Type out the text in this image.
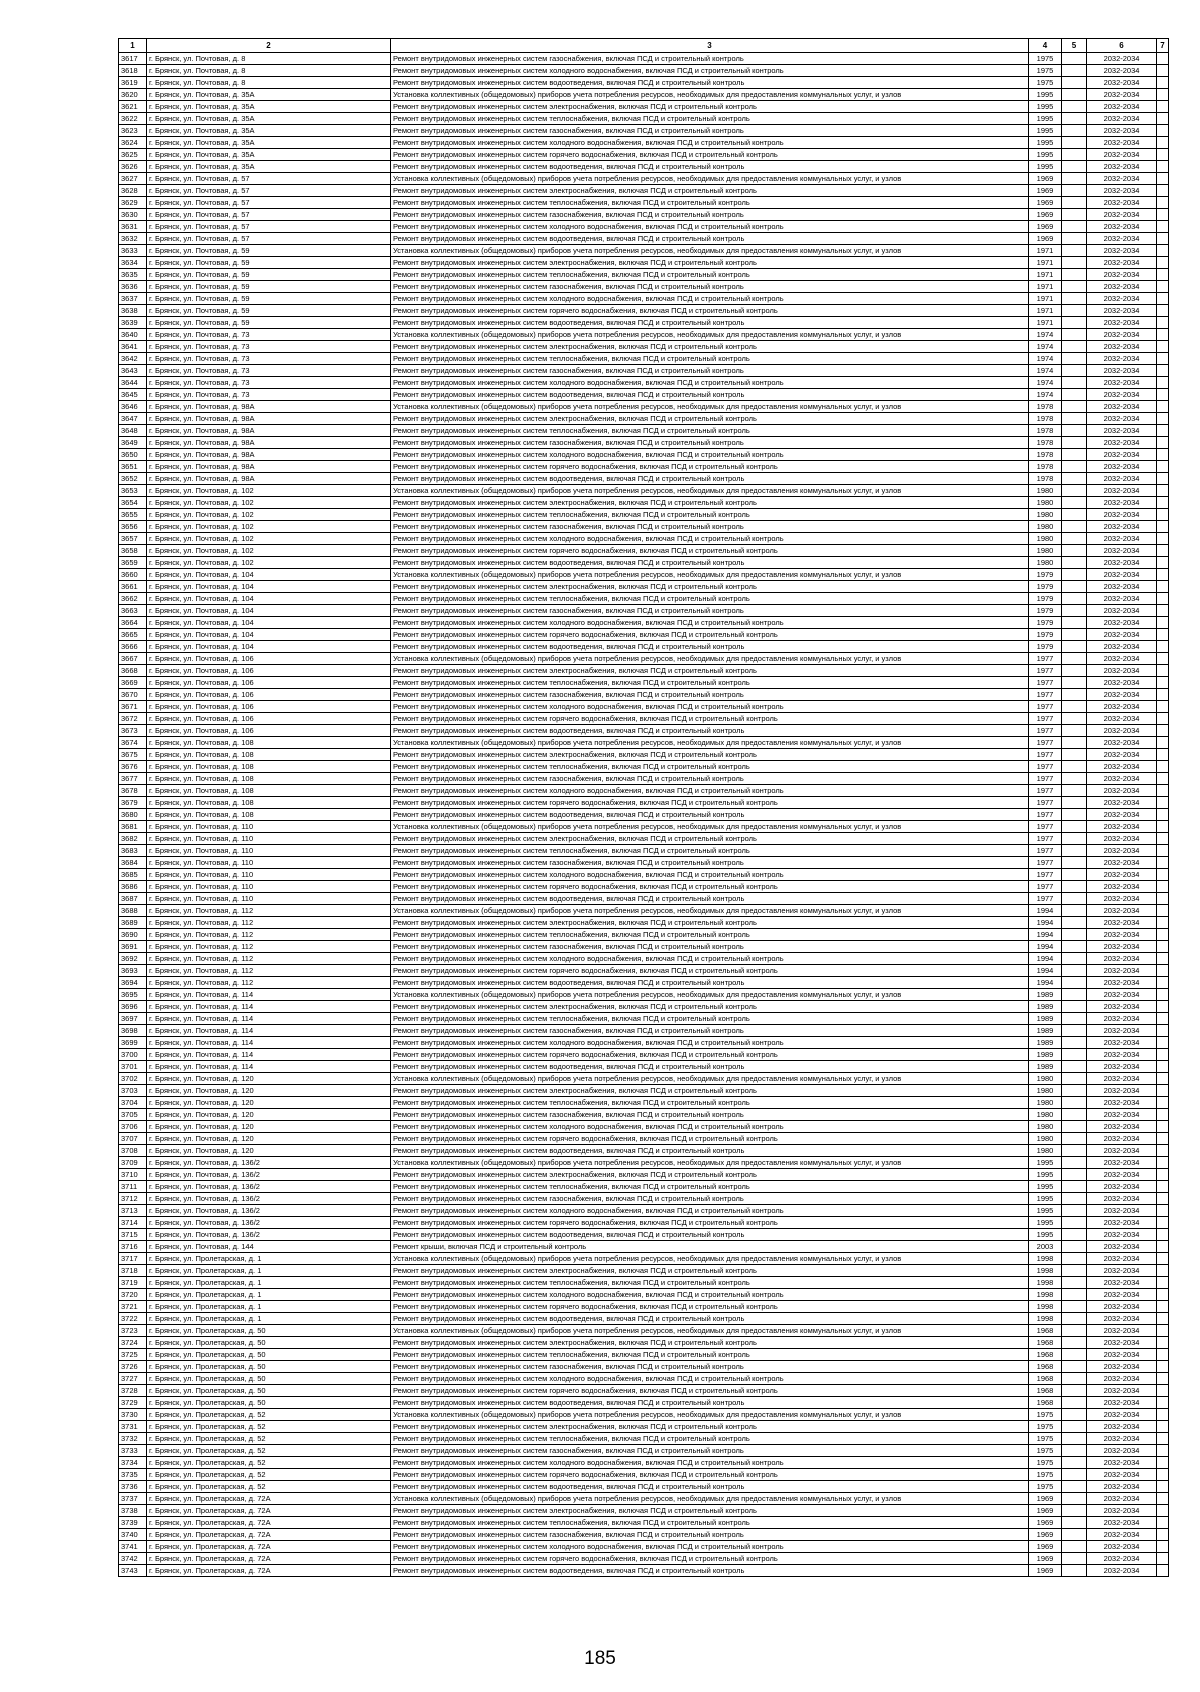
1	2	3	4	5	6	7
3617	г. Брянск, ул. Почтовая, д. 8	Ремонт внутридомовых инженерных систем газоснабжения, включая ПСД и строительный контроль	1975		2032-2034	
3618	г. Брянск, ул. Почтовая, д. 8	Ремонт внутридомовых инженерных систем холодного водоснабжения, включая ПСД и строительный контроль	1975		2032-2034	
3619	г. Брянск, ул. Почтовая, д. 8	Ремонт внутридомовых инженерных систем водоотведения, включая ПСД и строительный контроль	1975		2032-2034	
3620	г. Брянск, ул. Почтовая, д. 35А	Установка коллективных (общедомовых) приборов учета потребления ресурсов, необходимых для предоставления коммунальных услуг, и узлов	1995		2032-2034	
3621	г. Брянск, ул. Почтовая, д. 35А	Ремонт внутридомовых инженерных систем электроснабжения, включая ПСД и строительный контроль	1995		2032-2034	
3622	г. Брянск, ул. Почтовая, д. 35А	Ремонт внутридомовых инженерных систем теплоснабжения, включая ПСД и строительный контроль	1995		2032-2034	
3623	г. Брянск, ул. Почтовая, д. 35А	Ремонт внутридомовых инженерных систем газоснабжения, включая ПСД и строительный контроль	1995		2032-2034	
3624	г. Брянск, ул. Почтовая, д. 35А	Ремонт внутридомовых инженерных систем холодного водоснабжения, включая ПСД и строительный контроль	1995		2032-2034	
3625	г. Брянск, ул. Почтовая, д. 35А	Ремонт внутридомовых инженерных систем горячего водоснабжения, включая ПСД и строительный контроль	1995		2032-2034	
3626	г. Брянск, ул. Почтовая, д. 35А	Ремонт внутридомовых инженерных систем водоотведения, включая ПСД и строительный контроль	1995		2032-2034	
3627	г. Брянск, ул. Почтовая, д. 57	Установка коллективных (общедомовых) приборов учета потребления ресурсов, необходимых для предоставления коммунальных услуг, и узлов	1969		2032-2034	
3628	г. Брянск, ул. Почтовая, д. 57	Ремонт внутридомовых инженерных систем электроснабжения, включая ПСД и строительный контроль	1969		2032-2034	
3629	г. Брянск, ул. Почтовая, д. 57	Ремонт внутридомовых инженерных систем теплоснабжения, включая ПСД и строительный контроль	1969		2032-2034	
3630	г. Брянск, ул. Почтовая, д. 57	Ремонт внутридомовых инженерных систем газоснабжения, включая ПСД и строительный контроль	1969		2032-2034	
3631	г. Брянск, ул. Почтовая, д. 57	Ремонт внутридомовых инженерных систем холодного водоснабжения, включая ПСД и строительный контроль	1969		2032-2034	
3632	г. Брянск, ул. Почтовая, д. 57	Ремонт внутридомовых инженерных систем водоотведения, включая ПСД и строительный контроль	1969		2032-2034	
3633	г. Брянск, ул. Почтовая, д. 59	Установка коллективных (общедомовых) приборов учета потребления ресурсов, необходимых для предоставления коммунальных услуг, и узлов	1971		2032-2034	
3634	г. Брянск, ул. Почтовая, д. 59	Ремонт внутридомовых инженерных систем электроснабжения, включая ПСД и строительный контроль	1971		2032-2034	
3635	г. Брянск, ул. Почтовая, д. 59	Ремонт внутридомовых инженерных систем теплоснабжения, включая ПСД и строительный контроль	1971		2032-2034	
3636	г. Брянск, ул. Почтовая, д. 59	Ремонт внутридомовых инженерных систем газоснабжения, включая ПСД и строительный контроль	1971		2032-2034	
3637	г. Брянск, ул. Почтовая, д. 59	Ремонт внутридомовых инженерных систем холодного водоснабжения, включая ПСД и строительный контроль	1971		2032-2034	
3638	г. Брянск, ул. Почтовая, д. 59	Ремонт внутридомовых инженерных систем горячего водоснабжения, включая ПСД и строительный контроль	1971		2032-2034	
3639	г. Брянск, ул. Почтовая, д. 59	Ремонт внутридомовых инженерных систем водоотведения, включая ПСД и строительный контроль	1971		2032-2034	
3640	г. Брянск, ул. Почтовая, д. 73	Установка коллективных (общедомовых) приборов учета потребления ресурсов, необходимых для предоставления коммунальных услуг, и узлов	1974		2032-2034	
3641	г. Брянск, ул. Почтовая, д. 73	Ремонт внутридомовых инженерных систем электроснабжения, включая ПСД и строительный контроль	1974		2032-2034	
3642	г. Брянск, ул. Почтовая, д. 73	Ремонт внутридомовых инженерных систем теплоснабжения, включая ПСД и строительный контроль	1974		2032-2034	
3643	г. Брянск, ул. Почтовая, д. 73	Ремонт внутридомовых инженерных систем газоснабжения, включая ПСД и строительный контроль	1974		2032-2034	
3644	г. Брянск, ул. Почтовая, д. 73	Ремонт внутридомовых инженерных систем холодного водоснабжения, включая ПСД и строительный контроль	1974		2032-2034	
3645	г. Брянск, ул. Почтовая, д. 73	Ремонт внутридомовых инженерных систем водоотведения, включая ПСД и строительный контроль	1974		2032-2034	
3646	г. Брянск, ул. Почтовая, д. 98А	Установка коллективных (общедомовых) приборов учета потребления ресурсов, необходимых для предоставления коммунальных услуг, и узлов	1978		2032-2034	
3647	г. Брянск, ул. Почтовая, д. 98А	Ремонт внутридомовых инженерных систем электроснабжения, включая ПСД и строительный контроль	1978		2032-2034	
3648	г. Брянск, ул. Почтовая, д. 98А	Ремонт внутридомовых инженерных систем теплоснабжения, включая ПСД и строительный контроль	1978		2032-2034	
3649	г. Брянск, ул. Почтовая, д. 98А	Ремонт внутридомовых инженерных систем газоснабжения, включая ПСД и строительный контроль	1978		2032-2034	
3650	г. Брянск, ул. Почтовая, д. 98А	Ремонт внутридомовых инженерных систем холодного водоснабжения, включая ПСД и строительный контроль	1978		2032-2034	
3651	г. Брянск, ул. Почтовая, д. 98А	Ремонт внутридомовых инженерных систем горячего водоснабжения, включая ПСД и строительный контроль	1978		2032-2034	
3652	г. Брянск, ул. Почтовая, д. 98А	Ремонт внутридомовых инженерных систем водоотведения, включая ПСД и строительный контроль	1978		2032-2034	
3653	г. Брянск, ул. Почтовая, д. 102	Установка коллективных (общедомовых) приборов учета потребления ресурсов, необходимых для предоставления коммунальных услуг, и узлов	1980		2032-2034	
3654	г. Брянск, ул. Почтовая, д. 102	Ремонт внутридомовых инженерных систем электроснабжения, включая ПСД и строительный контроль	1980		2032-2034	
3655	г. Брянск, ул. Почтовая, д. 102	Ремонт внутридомовых инженерных систем теплоснабжения, включая ПСД и строительный контроль	1980		2032-2034	
3656	г. Брянск, ул. Почтовая, д. 102	Ремонт внутридомовых инженерных систем газоснабжения, включая ПСД и строительный контроль	1980		2032-2034	
3657	г. Брянск, ул. Почтовая, д. 102	Ремонт внутридомовых инженерных систем холодного водоснабжения, включая ПСД и строительный контроль	1980		2032-2034	
3658	г. Брянск, ул. Почтовая, д. 102	Ремонт внутридомовых инженерных систем горячего водоснабжения, включая ПСД и строительный контроль	1980		2032-2034	
3659	г. Брянск, ул. Почтовая, д. 102	Ремонт внутридомовых инженерных систем водоотведения, включая ПСД и строительный контроль	1980		2032-2034	
3660	г. Брянск, ул. Почтовая, д. 104	Установка коллективных (общедомовых) приборов учета потребления ресурсов, необходимых для предоставления коммунальных услуг, и узлов	1979		2032-2034	
3661	г. Брянск, ул. Почтовая, д. 104	Ремонт внутридомовых инженерных систем электроснабжения, включая ПСД и строительный контроль	1979		2032-2034	
3662	г. Брянск, ул. Почтовая, д. 104	Ремонт внутридомовых инженерных систем теплоснабжения, включая ПСД и строительный контроль	1979		2032-2034	
3663	г. Брянск, ул. Почтовая, д. 104	Ремонт внутридомовых инженерных систем газоснабжения, включая ПСД и строительный контроль	1979		2032-2034	
3664	г. Брянск, ул. Почтовая, д. 104	Ремонт внутридомовых инженерных систем холодного водоснабжения, включая ПСД и строительный контроль	1979		2032-2034	
3665	г. Брянск, ул. Почтовая, д. 104	Ремонт внутридомовых инженерных систем горячего водоснабжения, включая ПСД и строительный контроль	1979		2032-2034	
3666	г. Брянск, ул. Почтовая, д. 104	Ремонт внутридомовых инженерных систем водоотведения, включая ПСД и строительный контроль	1979		2032-2034	
3667	г. Брянск, ул. Почтовая, д. 106	Установка коллективных (общедомовых) приборов учета потребления ресурсов, необходимых для предоставления коммунальных услуг, и узлов	1977		2032-2034	
3668	г. Брянск, ул. Почтовая, д. 106	Ремонт внутридомовых инженерных систем электроснабжения, включая ПСД и строительный контроль	1977		2032-2034	
3669	г. Брянск, ул. Почтовая, д. 106	Ремонт внутридомовых инженерных систем теплоснабжения, включая ПСД и строительный контроль	1977		2032-2034	
3670	г. Брянск, ул. Почтовая, д. 106	Ремонт внутридомовых инженерных систем газоснабжения, включая ПСД и строительный контроль	1977		2032-2034	
3671	г. Брянск, ул. Почтовая, д. 106	Ремонт внутридомовых инженерных систем холодного водоснабжения, включая ПСД и строительный контроль	1977		2032-2034	
3672	г. Брянск, ул. Почтовая, д. 106	Ремонт внутридомовых инженерных систем горячего водоснабжения, включая ПСД и строительный контроль	1977		2032-2034	
3673	г. Брянск, ул. Почтовая, д. 106	Ремонт внутридомовых инженерных систем водоотведения, включая ПСД и строительный контроль	1977		2032-2034	
3674	г. Брянск, ул. Почтовая, д. 108	Установка коллективных (общедомовых) приборов учета потребления ресурсов, необходимых для предоставления коммунальных услуг, и узлов	1977		2032-2034	
3675	г. Брянск, ул. Почтовая, д. 108	Ремонт внутридомовых инженерных систем электроснабжения, включая ПСД и строительный контроль	1977		2032-2034	
3676	г. Брянск, ул. Почтовая, д. 108	Ремонт внутридомовых инженерных систем теплоснабжения, включая ПСД и строительный контроль	1977		2032-2034	
3677	г. Брянск, ул. Почтовая, д. 108	Ремонт внутридомовых инженерных систем газоснабжения, включая ПСД и строительный контроль	1977		2032-2034	
3678	г. Брянск, ул. Почтовая, д. 108	Ремонт внутридомовых инженерных систем холодного водоснабжения, включая ПСД и строительный контроль	1977		2032-2034	
3679	г. Брянск, ул. Почтовая, д. 108	Ремонт внутридомовых инженерных систем горячего водоснабжения, включая ПСД и строительный контроль	1977		2032-2034	
3680	г. Брянск, ул. Почтовая, д. 108	Ремонт внутридомовых инженерных систем водоотведения, включая ПСД и строительный контроль	1977		2032-2034	
3681	г. Брянск, ул. Почтовая, д. 110	Установка коллективных (общедомовых) приборов учета потребления ресурсов, необходимых для предоставления коммунальных услуг, и узлов	1977		2032-2034	
3682	г. Брянск, ул. Почтовая, д. 110	Ремонт внутридомовых инженерных систем электроснабжения, включая ПСД и строительный контроль	1977		2032-2034	
3683	г. Брянск, ул. Почтовая, д. 110	Ремонт внутридомовых инженерных систем теплоснабжения, включая ПСД и строительный контроль	1977		2032-2034	
3684	г. Брянск, ул. Почтовая, д. 110	Ремонт внутридомовых инженерных систем газоснабжения, включая ПСД и строительный контроль	1977		2032-2034	
3685	г. Брянск, ул. Почтовая, д. 110	Ремонт внутридомовых инженерных систем холодного водоснабжения, включая ПСД и строительный контроль	1977		2032-2034	
3686	г. Брянск, ул. Почтовая, д. 110	Ремонт внутридомовых инженерных систем горячего водоснабжения, включая ПСД и строительный контроль	1977		2032-2034	
3687	г. Брянск, ул. Почтовая, д. 110	Ремонт внутридомовых инженерных систем водоотведения, включая ПСД и строительный контроль	1977		2032-2034	
3688	г. Брянск, ул. Почтовая, д. 112	Установка коллективных (общедомовых) приборов учета потребления ресурсов, необходимых для предоставления коммунальных услуг, и узлов	1994		2032-2034	
3689	г. Брянск, ул. Почтовая, д. 112	Ремонт внутридомовых инженерных систем электроснабжения, включая ПСД и строительный контроль	1994		2032-2034	
3690	г. Брянск, ул. Почтовая, д. 112	Ремонт внутридомовых инженерных систем теплоснабжения, включая ПСД и строительный контроль	1994		2032-2034	
3691	г. Брянск, ул. Почтовая, д. 112	Ремонт внутридомовых инженерных систем газоснабжения, включая ПСД и строительный контроль	1994		2032-2034	
3692	г. Брянск, ул. Почтовая, д. 112	Ремонт внутридомовых инженерных систем холодного водоснабжения, включая ПСД и строительный контроль	1994		2032-2034	
3693	г. Брянск, ул. Почтовая, д. 112	Ремонт внутридомовых инженерных систем горячего водоснабжения, включая ПСД и строительный контроль	1994		2032-2034	
3694	г. Брянск, ул. Почтовая, д. 112	Ремонт внутридомовых инженерных систем водоотведения, включая ПСД и строительный контроль	1994		2032-2034	
3695	г. Брянск, ул. Почтовая, д. 114	Установка коллективных (общедомовых) приборов учета потребления ресурсов, необходимых для предоставления коммунальных услуг, и узлов	1989		2032-2034	
3696	г. Брянск, ул. Почтовая, д. 114	Ремонт внутридомовых инженерных систем электроснабжения, включая ПСД и строительный контроль	1989		2032-2034	
3697	г. Брянск, ул. Почтовая, д. 114	Ремонт внутридомовых инженерных систем теплоснабжения, включая ПСД и строительный контроль	1989		2032-2034	
3698	г. Брянск, ул. Почтовая, д. 114	Ремонт внутридомовых инженерных систем газоснабжения, включая ПСД и строительный контроль	1989		2032-2034	
3699	г. Брянск, ул. Почтовая, д. 114	Ремонт внутридомовых инженерных систем холодного водоснабжения, включая ПСД и строительный контроль	1989		2032-2034	
3700	г. Брянск, ул. Почтовая, д. 114	Ремонт внутридомовых инженерных систем горячего водоснабжения, включая ПСД и строительный контроль	1989		2032-2034	
3701	г. Брянск, ул. Почтовая, д. 114	Ремонт внутридомовых инженерных систем водоотведения, включая ПСД и строительный контроль	1989		2032-2034	
3702	г. Брянск, ул. Почтовая, д. 120	Установка коллективных (общедомовых) приборов учета потребления ресурсов, необходимых для предоставления коммунальных услуг, и узлов	1980		2032-2034	
3703	г. Брянск, ул. Почтовая, д. 120	Ремонт внутридомовых инженерных систем электроснабжения, включая ПСД и строительный контроль	1980		2032-2034	
3704	г. Брянск, ул. Почтовая, д. 120	Ремонт внутридомовых инженерных систем теплоснабжения, включая ПСД и строительный контроль	1980		2032-2034	
3705	г. Брянск, ул. Почтовая, д. 120	Ремонт внутридомовых инженерных систем газоснабжения, включая ПСД и строительный контроль	1980		2032-2034	
3706	г. Брянск, ул. Почтовая, д. 120	Ремонт внутридомовых инженерных систем холодного водоснабжения, включая ПСД и строительный контроль	1980		2032-2034	
3707	г. Брянск, ул. Почтовая, д. 120	Ремонт внутридомовых инженерных систем горячего водоснабжения, включая ПСД и строительный контроль	1980		2032-2034	
3708	г. Брянск, ул. Почтовая, д. 120	Ремонт внутридомовых инженерных систем водоотведения, включая ПСД и строительный контроль	1980		2032-2034	
3709	г. Брянск, ул. Почтовая, д. 136/2	Установка коллективных (общедомовых) приборов учета потребления ресурсов, необходимых для предоставления коммунальных услуг, и узлов	1995		2032-2034	
3710	г. Брянск, ул. Почтовая, д. 136/2	Ремонт внутридомовых инженерных систем электроснабжения, включая ПСД и строительный контроль	1995		2032-2034	
3711	г. Брянск, ул. Почтовая, д. 136/2	Ремонт внутридомовых инженерных систем теплоснабжения, включая ПСД и строительный контроль	1995		2032-2034	
3712	г. Брянск, ул. Почтовая, д. 136/2	Ремонт внутридомовых инженерных систем газоснабжения, включая ПСД и строительный контроль	1995		2032-2034	
3713	г. Брянск, ул. Почтовая, д. 136/2	Ремонт внутридомовых инженерных систем холодного водоснабжения, включая ПСД и строительный контроль	1995		2032-2034	
3714	г. Брянск, ул. Почтовая, д. 136/2	Ремонт внутридомовых инженерных систем горячего водоснабжения, включая ПСД и строительный контроль	1995		2032-2034	
3715	г. Брянск, ул. Почтовая, д. 136/2	Ремонт внутридомовых инженерных систем водоотведения, включая ПСД и строительный контроль	1995		2032-2034	
3716	г. Брянск, ул. Почтовая, д. 144	Ремонт крыши, включая ПСД и строительный контроль	2003		2032-2034	
3717	г. Брянск, ул. Пролетарская, д. 1	Установка коллективных (общедомовых) приборов учета потребления ресурсов, необходимых для предоставления коммунальных услуг, и узлов	1998		2032-2034	
3718	г. Брянск, ул. Пролетарская, д. 1	Ремонт внутридомовых инженерных систем электроснабжения, включая ПСД и строительный контроль	1998		2032-2034	
3719	г. Брянск, ул. Пролетарская, д. 1	Ремонт внутридомовых инженерных систем теплоснабжения, включая ПСД и строительный контроль	1998		2032-2034	
3720	г. Брянск, ул. Пролетарская, д. 1	Ремонт внутридомовых инженерных систем холодного водоснабжения, включая ПСД и строительный контроль	1998		2032-2034	
3721	г. Брянск, ул. Пролетарская, д. 1	Ремонт внутридомовых инженерных систем горячего водоснабжения, включая ПСД и строительный контроль	1998		2032-2034	
3722	г. Брянск, ул. Пролетарская, д. 1	Ремонт внутридомовых инженерных систем водоотведения, включая ПСД и строительный контроль	1998		2032-2034	
3723	г. Брянск, ул. Пролетарская, д. 50	Установка коллективных (общедомовых) приборов учета потребления ресурсов, необходимых для предоставления коммунальных услуг, и узлов	1968		2032-2034	
3724	г. Брянск, ул. Пролетарская, д. 50	Ремонт внутридомовых инженерных систем электроснабжения, включая ПСД и строительный контроль	1968		2032-2034	
3725	г. Брянск, ул. Пролетарская, д. 50	Ремонт внутридомовых инженерных систем теплоснабжения, включая ПСД и строительный контроль	1968		2032-2034	
3726	г. Брянск, ул. Пролетарская, д. 50	Ремонт внутридомовых инженерных систем газоснабжения, включая ПСД и строительный контроль	1968		2032-2034	
3727	г. Брянск, ул. Пролетарская, д. 50	Ремонт внутридомовых инженерных систем холодного водоснабжения, включая ПСД и строительный контроль	1968		2032-2034	
3728	г. Брянск, ул. Пролетарская, д. 50	Ремонт внутридомовых инженерных систем горячего водоснабжения, включая ПСД и строительный контроль	1968		2032-2034	
3729	г. Брянск, ул. Пролетарская, д. 50	Ремонт внутридомовых инженерных систем водоотведения, включая ПСД и строительный контроль	1968		2032-2034	
3730	г. Брянск, ул. Пролетарская, д. 52	Установка коллективных (общедомовых) приборов учета потребления ресурсов, необходимых для предоставления коммунальных услуг, и узлов	1975		2032-2034	
3731	г. Брянск, ул. Пролетарская, д. 52	Ремонт внутридомовых инженерных систем электроснабжения, включая ПСД и строительный контроль	1975		2032-2034	
3732	г. Брянск, ул. Пролетарская, д. 52	Ремонт внутридомовых инженерных систем теплоснабжения, включая ПСД и строительный контроль	1975		2032-2034	
3733	г. Брянск, ул. Пролетарская, д. 52	Ремонт внутридомовых инженерных систем газоснабжения, включая ПСД и строительный контроль	1975		2032-2034	
3734	г. Брянск, ул. Пролетарская, д. 52	Ремонт внутридомовых инженерных систем холодного водоснабжения, включая ПСД и строительный контроль	1975		2032-2034	
3735	г. Брянск, ул. Пролетарская, д. 52	Ремонт внутридомовых инженерных систем горячего водоснабжения, включая ПСД и строительный контроль	1975		2032-2034	
3736	г. Брянск, ул. Пролетарская, д. 52	Ремонт внутридомовых инженерных систем водоотведения, включая ПСД и строительный контроль	1975		2032-2034	
3737	г. Брянск, ул. Пролетарская, д. 72А	Установка коллективных (общедомовых) приборов учета потребления ресурсов, необходимых для предоставления коммунальных услуг, и узлов	1969		2032-2034	
3738	г. Брянск, ул. Пролетарская, д. 72А	Ремонт внутридомовых инженерных систем электроснабжения, включая ПСД и строительный контроль	1969		2032-2034	
3739	г. Брянск, ул. Пролетарская, д. 72А	Ремонт внутридомовых инженерных систем теплоснабжения, включая ПСД и строительный контроль	1969		2032-2034	
3740	г. Брянск, ул. Пролетарская, д. 72А	Ремонт внутридомовых инженерных систем газоснабжения, включая ПСД и строительный контроль	1969		2032-2034	
3741	г. Брянск, ул. Пролетарская, д. 72А	Ремонт внутридомовых инженерных систем холодного водоснабжения, включая ПСД и строительный контроль	1969		2032-2034	
3742	г. Брянск, ул. Пролетарская, д. 72А	Ремонт внутридомовых инженерных систем горячего водоснабжения, включая ПСД и строительный контроль	1969		2032-2034	
3743	г. Брянск, ул. Пролетарская, д. 72А	Ремонт внутридомовых инженерных систем водоотведения, включая ПСД и строительный контроль	1969		2032-2034	
185
